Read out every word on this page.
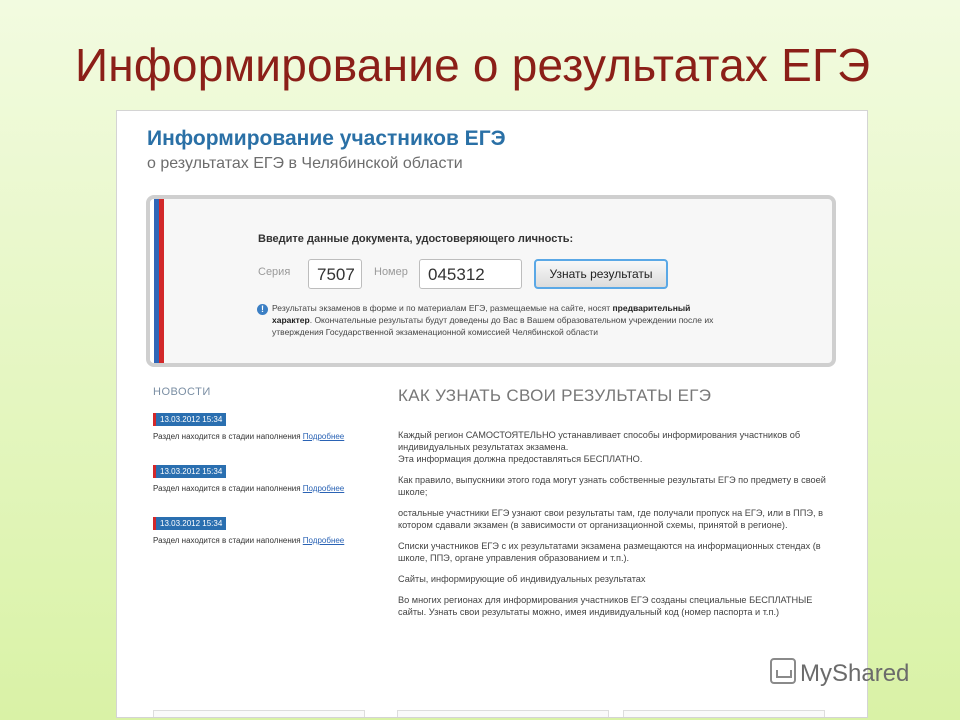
Информирование о результатах ЕГЭ
Информирование участников ЕГЭ
о результатах ЕГЭ в Челябинской области
Введите данные документа, удостоверяющего личность:
Серия	7507	Номер	045312	Узнать результаты
! Результаты экзаменов в форме и по материалам ЕГЭ, размещаемые на сайте, носят предварительный характер. Окончательные результаты будут доведены до Вас в Вашем образовательном учреждении после их утверждения Государственной экзаменационной комиссией Челябинской области
НОВОСТИ
13.03.2012 15:34
Раздел находится в стадии наполнения Подробнее
13.03.2012 15:34
Раздел находится в стадии наполнения Подробнее
13.03.2012 15:34
Раздел находится в стадии наполнения Подробнее
КАК УЗНАТЬ СВОИ РЕЗУЛЬТАТЫ ЕГЭ

Каждый регион САМОСТОЯТЕЛЬНО устанавливает способы информирования участников об индивидуальных результатах экзамена.
Эта информация должна предоставляться БЕСПЛАТНО.

Как правило, выпускники этого года могут узнать собственные результаты ЕГЭ по предмету в своей школе;

остальные участники ЕГЭ узнают свои результаты там, где получали пропуск на ЕГЭ, или в ППЭ, в котором сдавали экзамен (в зависимости от организационной схемы, принятой в регионе).

Списки участников ЕГЭ с их результатами экзамена размещаются на информационных стендах (в школе, ППЭ, органе управления образованием и т.п.).

Сайты, информирующие об индивидуальных результатах

Во многих регионах для информирования участников ЕГЭ созданы специальные БЕСПЛАТНЫЕ сайты. Узнать свои результаты можно, имея индивидуальный код (номер паспорта и т.п.)

MyShared
